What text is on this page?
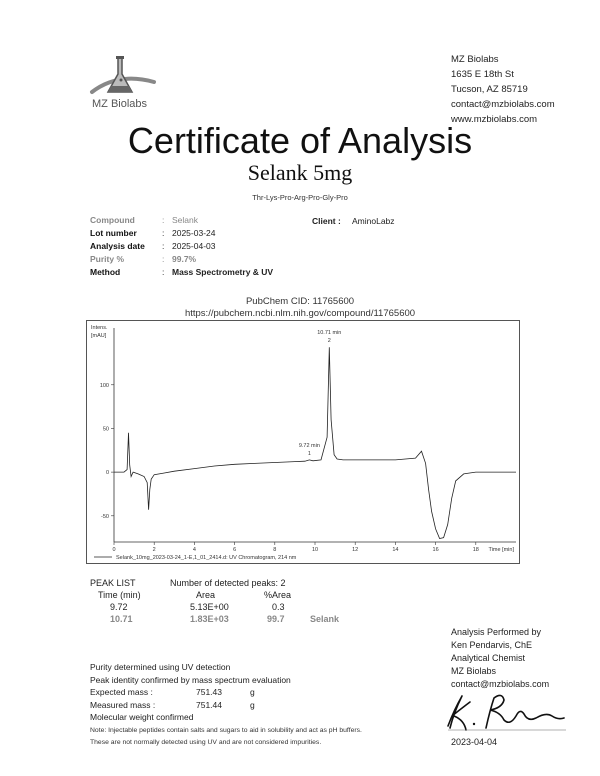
MZ Biolabs
MZ Biolabs
1635 E 18th St
Tucson, AZ 85719
contact@mzbiolabs.com
www.mzbiolabs.com
Certificate of Analysis
Selank 5mg
Thr-Lys-Pro-Arg-Pro-Gly-Pro
Compound	: Selank
Lot number	: 2025-03-24
Analysis date : 2025-04-03
Purity %	: 99.7%
Method	: Mass Spectrometry & UV
Client : AminoLabz
PubChem CID: 11765600
https://pubchem.ncbi.nlm.nih.gov/compound/11765600
Intens.
[mAU]
-50
0
50
100
0	2	4	6	8	10	12	14	16	18 Time [min]
9.72 min
1
10.71 min
2
Selank_10mg_2023-03-24_1-E,1_01_2414.d: UV Chromatogram, 214 nm
PEAK LIST	Number of detected peaks: 2
Time (min)	Area	%Area
9.72	5.13E+00	0.3
10.71	1.83E+03	99.7	Selank
Analysis Performed by
Ken Pendarvis, ChE
Analytical Chemist
MZ Biolabs
contact@mzbiolabs.com
Purity determined using UV detection
Peak identity confirmed by mass spectrum evaluation
Expected mass :	751.43	g
Measured mass :	751.44	g
Molecular weight confirmed
Note: Injectable peptides contain salts and sugars to aid in solubility and act as pH buffers.
These are not normally detected using UV and are not considered impurities.	2023-04-04
